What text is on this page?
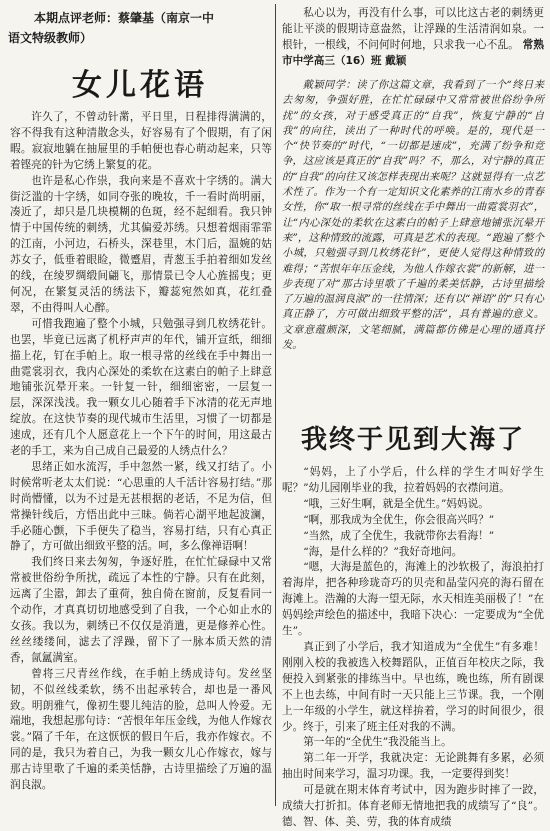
本期点评老师：蔡肇基（南京一中
语文特级教师）
女儿花语

许久了，不曾动针黹，平日里，日程排得满满的，容不得我有这种清散念头，好容易有了个假期，有了闲暇。寂寂地躺在抽屉里的手帕便也春心萌动起来，只等着铿亮的针为它绣上繁复的花。

也许是私心作祟，我向来是不喜欢十字绣的。满大街泛滥的十字绣，如同夺张的晚妆，千一看时尚明丽，凑近了，却只是几块模糊的色斑，经不起细看。我只钟情于中国传统的刺绣，尤其偏爱苏绣。只想着烟雨霏霏的江南，小河边，石桥头，深巷里，木门后，温婉的姑苏女子，低垂着眼睑，微蹙眉，青葱玉手拍着细如发丝的线，在绫罗绸缎间翩飞，那情景已令人心旌摇曳；更何况，在繁复灵活的绣法下，瓣蕊宛然如真，花红叠翠，不由得叫人心醉。

可惜我跑遍了整个小城，只勉强寻到几枚绣花针。也罢，毕竟已远离了机杼声声的年代，铺开宣纸，细细描上花，钉在手帕上。取一根寻常的丝线在手中舞出一曲霓裳羽衣，我内心深处的柔软在这素白的帕子上肆意地铺张沉晕开来。一针复一针，细细密密，一层复一层，深深浅浅。我一颗女儿心随着手下冰清的花无声地绽放。在这快节奏的现代城市生活里，习惯了一切都是速成，还有几个人愿意花上一个下午的时间，用这最古老的手工，来为自己成自己最爱的人绣点什么？

思绪正如水流泻，手中忽然一紧，线又打结了。小时候常听老太太们说：“心思重的人千活计容易打结。”那时尚懵懂，以为不过是无甚根据的老话，不足为信，但常操针线后，方悟出此中三昧。倘若心湖平地起波澜，手必随心颤，下手便失了稳当，容易打结，只有心真正静了，方可做出细致平整的活。呵，多么像禅语啊！

我们终日来去匆匆，争逐好胜，在忙忙碌碌中又常常被世俗纷争所扰，疏远了本性的宁静。只有在此刻，远离了尘嚣，卸去了重荷，独自倚在窗前，反复看同一个动作，才真真切切地感受到了自我，一个心如止水的女孩。我以为，刺绣已不仅仅是消遣，更是修养心性。丝丝缕缕间，滤去了浮躁，留下了一脉本质天然的清香，氤氲满室。

曾将三尺青丝作线，在手帕上绣成诗句。发丝坚韧，不似丝线柔软，绣不出起承转合，却也是一番风致。明朗雅气，像初生婴儿纯洁的脸，总叫人怜爱。无端地，我想起那句诗：“苦恨年年压金线，为他人作嫁衣裳。”隔了千年，在这恹恹的假日午后，我亦作嫁衣。不同的是，我只为着自己，为我一颗女儿心作嫁衣，嫁与那古诗里歌了千遍的柔美恬静，古诗里描绘了万遍的温润良淑。

私心以为，再没有什么事，可以比这古老的刺绣更能让平淡的假期诗意盎然，让浮躁的生活清润如泉。一根针，一根线，不问何时何地，只求我一心不乱。 常熟市中学高三（16）班 戴颖

戴颖同学：读了你这篇文章，我看到了一个“终日来去匆匆，争强好胜，在忙忙碌碌中又常常被世俗纷争所扰”的女孩，对于感受真正的“自我”，恢复宁静的“自我”的向往，读出了一种时代的呼唤。是的，现代是一个“快节奏的”时代，“一切都是速成”，充满了纷争和竞争，这应该是真正的“自我”吗？不，那么，对宁静的真正的“自我”的向往又该怎样表现出来呢？这就显得有一点艺术性了。作为一个有一定知识文化素养的江南水乡的青春女性，你“取一根寻常的丝线在手中舞出一曲霓裳羽衣”，让“内心深处的柔软在这素白的帕子上肆意地铺张沉晕开来”，这种情致的流露，可真是艺术的表现。“跑遍了整个小城，只勉强寻到几枚绣花针”，更使人觉得这种情致的难得；“苦恨年年压金线，为他人作嫁衣裳”的新解，进一步表现了对“那古诗里歌了千遍的柔美恬静，古诗里描绘了万遍的温润良淑”的一往情深；还有以“禅语”的“只有心真正静了，方可做出细致平整的活”，具有普遍的意义。文章意蕴颇深，文笔细腻，满篇都仿佛是心理的通真抒发。

我终于见到大海了

“妈妈，上了小学后，什么样的学生才叫好学生呢？”幼儿园刚毕业的我，拉着妈妈的衣襟问道。

“哦，三好生啊，就是全优生。”妈妈说。

“啊，那我成为全优生，你会很高兴吗？”

“当然，成了全优生，我就带你去看海！”

“海，是什么样的？”我好奇地问。

“嗯，大海是蓝色的，海滩上的沙软极了，海浪拍打着海岸，把各种珍珑奇巧的贝壳和晶莹闪亮的海石留在海滩上。浩瀚的大海一望无际，水天相连美丽极了！”在妈妈绘声绘色的描述中，我暗下决心：一定要成为“全优生”。

真正到了小学后，我才知道成为“全优生”有多难！刚刚入校的我被选入校舞蹈队，正值百年校庆之际，我便投入到紧张的排练当中。早也练，晚也练，所有剧课不上也去练，中间有时一天只能上三节课。我，一个刚上一年级的小学生，就这样拚着，学习的时间很少，很少。终于，引来了班主任对我的不满。

第一年的“全优生”我没能当上。

第二年一开学，我就决定：无论跳舞有多累，必须抽出时间来学习，温习功课。我，一定要得到奖！

可是就在期末体育考试中，因为跑步时摔了一跤，成绩大打折扣。体育老师无情地把我的成绩写了“良”。德、智、体、美、劳，我的体育成绩
